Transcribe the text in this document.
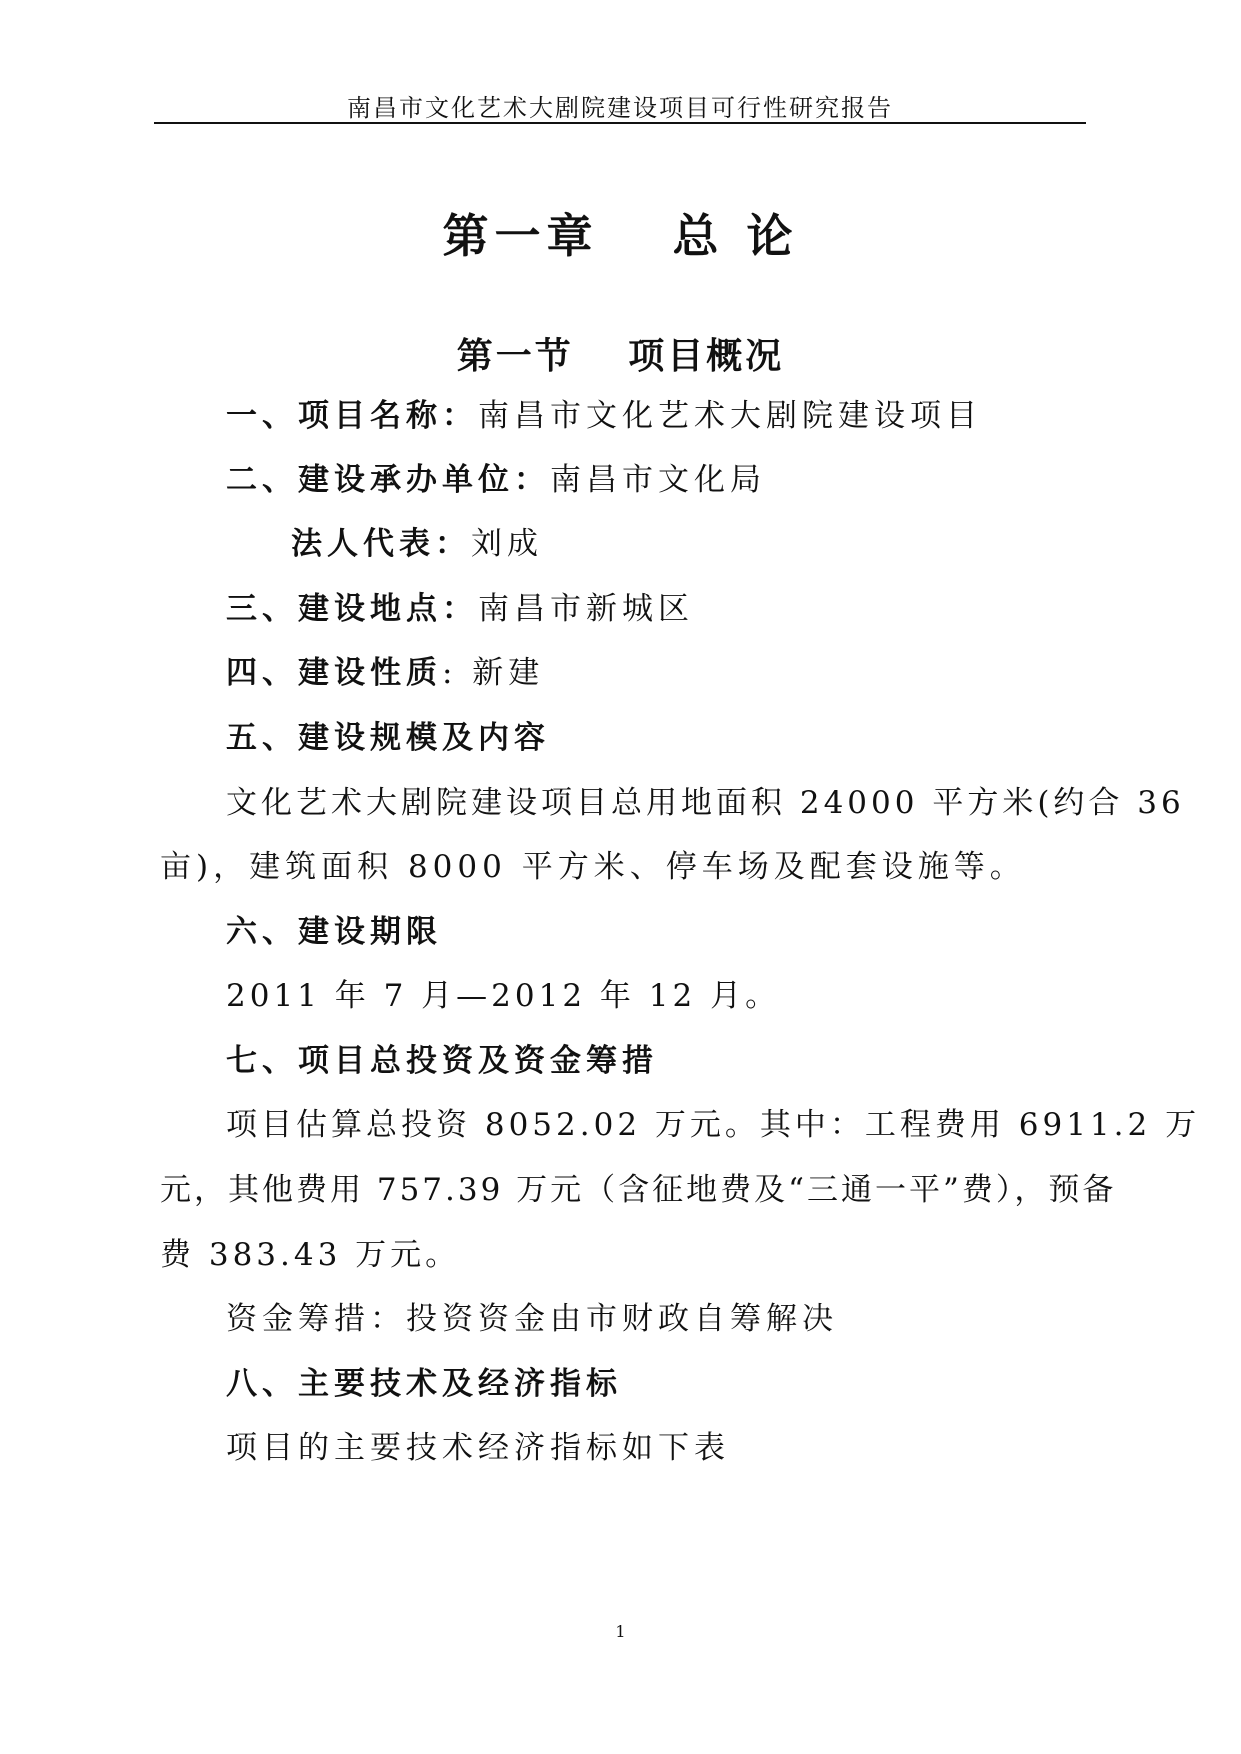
南昌市文化艺术大剧院建设项目可行性研究报告
第一章　 总 论
第一节　 项目概况
一、项目名称：南昌市文化艺术大剧院建设项目
二、建设承办单位：南昌市文化局
法人代表：刘成
三、建设地点：南昌市新城区
四、建设性质: 新建
五、建设规模及内容
文化艺术大剧院建设项目总用地面积 24000 平方米(约合 36
亩)，建筑面积 8000 平方米、停车场及配套设施等。
六、建设期限
2011 年 7 月—2012 年 12 月。
七、项目总投资及资金筹措
项目估算总投资 8052.02 万元。其中：工程费用 6911.2 万
元，其他费用 757.39 万元（含征地费及“三通一平”费），预备
费 383.43 万元。
资金筹措：投资资金由市财政自筹解决
八、主要技术及经济指标
项目的主要技术经济指标如下表
1
